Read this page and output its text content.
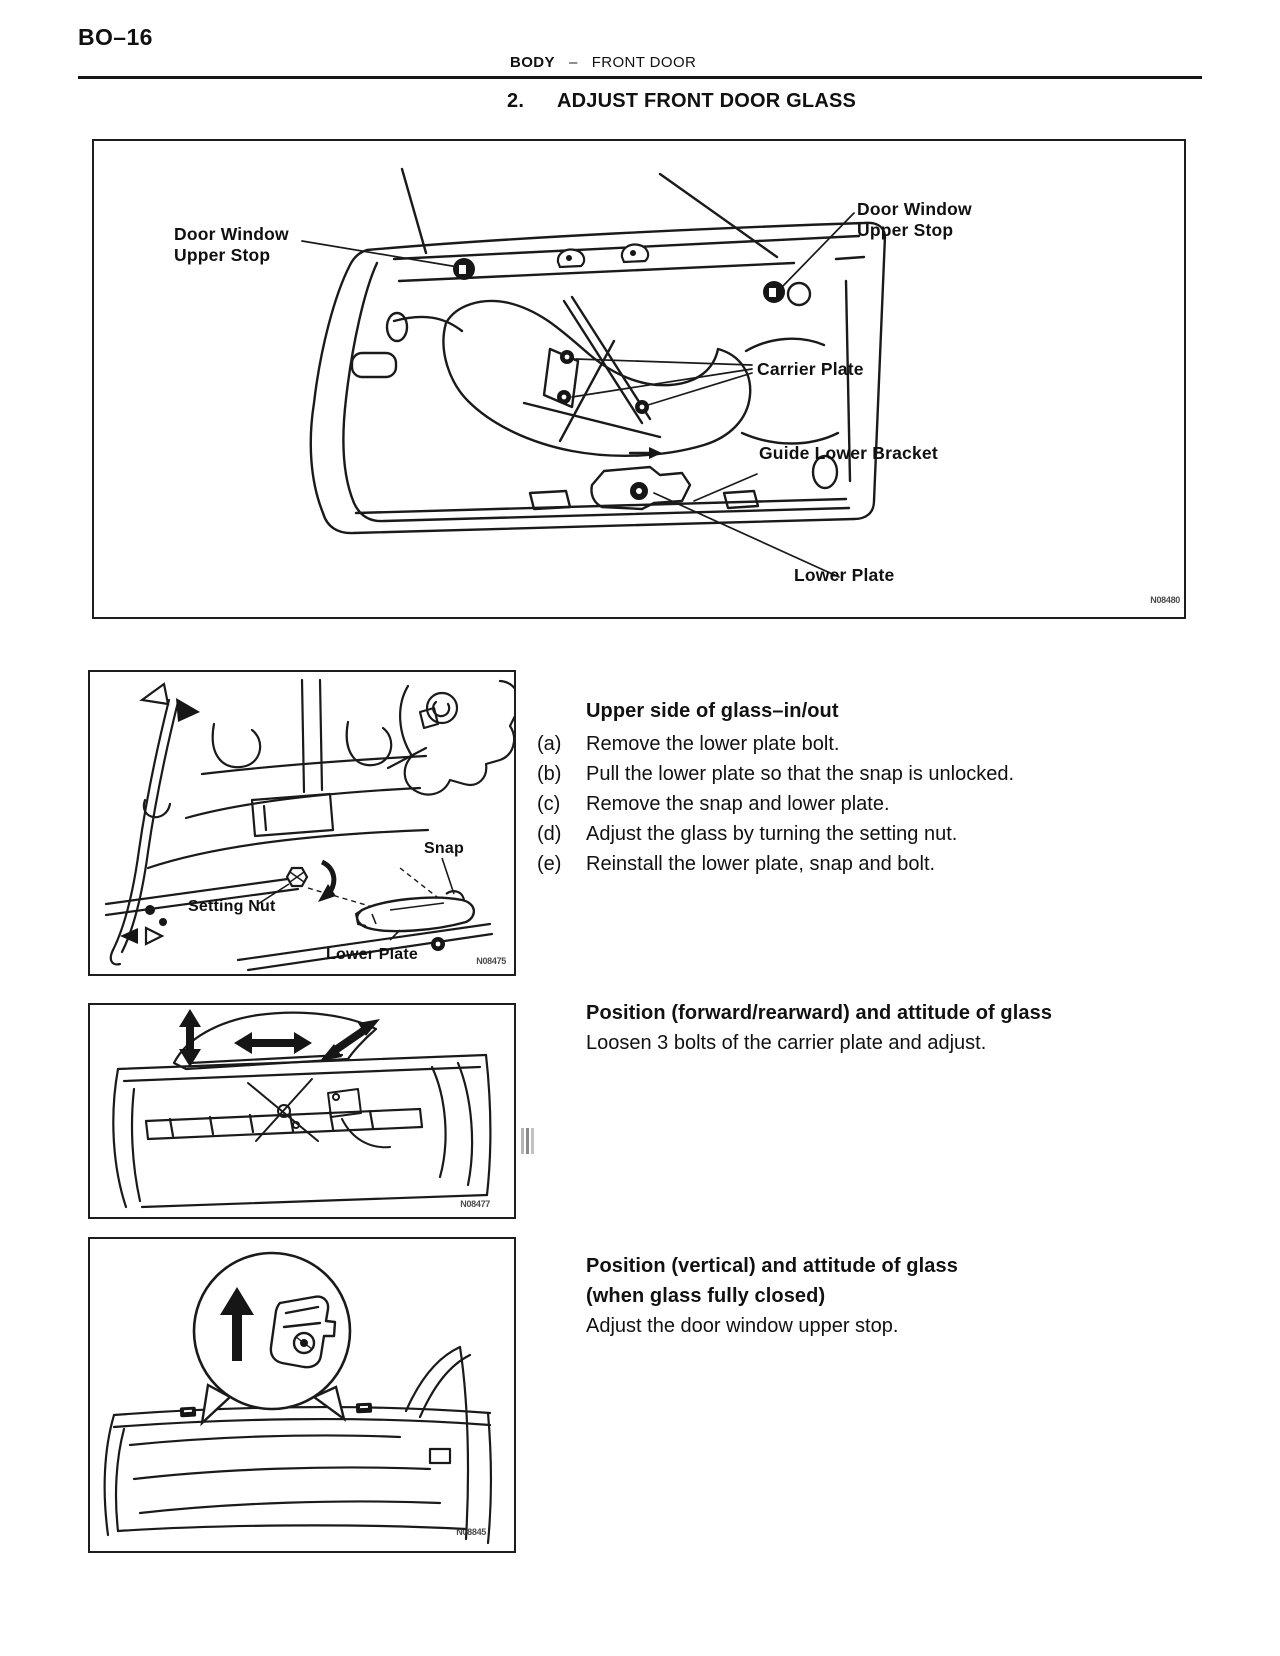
BO–16
BODY – FRONT DOOR
2. ADJUST FRONT DOOR GLASS
Door Window
Upper Stop
Door Window
Upper Stop
Carrier Plate
Guide Lower Bracket
Lower Plate
N08480
Snap
Setting Nut
Lower Plate	N08475
Upper side of glass–in/out
(a) Remove the lower plate bolt.
(b) Pull the lower plate so that the snap is unlocked.
(c) Remove the snap and lower plate.
(d) Adjust the glass by turning the setting nut.
(e) Reinstall the lower plate, snap and bolt.
N08477
Position (forward/rearward) and attitude of glass
Loosen 3 bolts of the carrier plate and adjust.
N08845
Position (vertical) and attitude of glass
(when glass fully closed)
Adjust the door window upper stop.
